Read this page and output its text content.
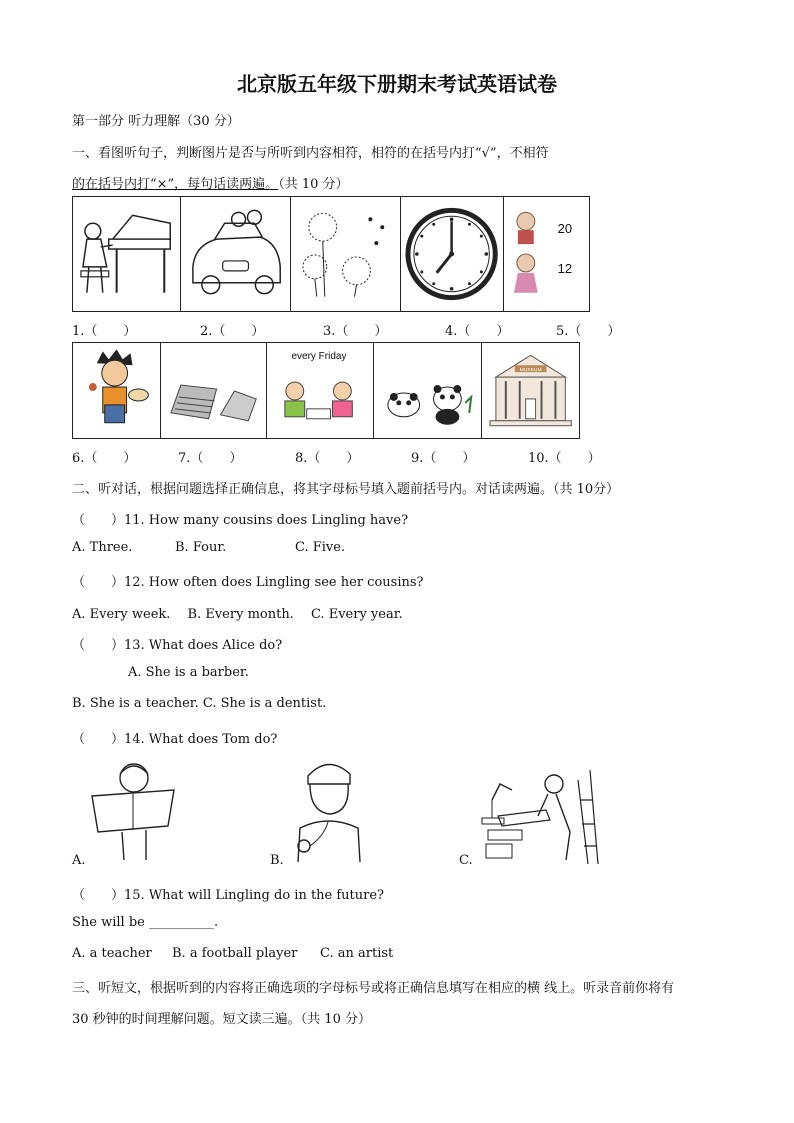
北京版五年级下册期末考试英语试卷
第一部分 听力理解（30 分）
一、看图听句子，判断图片是否与所听到内容相符，相符的在括号内打“√”，不相符
的在括号内打“×”，每句话读两遍。（共 10 分）
20
12
1.（　　）	2.（　　）	3.（　　）	4.（　　）	5.（　　）
every Friday
MUSEUM
6.（　　）	7.（　　）	8.（　　）	9.（　　）	10.（　　）
二、听对话，根据问题选择正确信息，将其字母标号填入题前括号内。对话读两遍。（共 10分）
（　　）11. How many cousins does Lingling have?
A. Three.	B. Four.	C. Five.
（　　）12. How often does Lingling see her cousins?
A. Every week.　 B. Every month.　 C. Every year.
（　　）13. What does Alice do?
A. She is a barber.
B. She is a teacher. C. She is a dentist.
（　　）14. What does Tom do?
A.	B.	C.
（　　）15. What will Lingling do in the future?
She will be __________.
A. a teacher B. a football player C. an artist
三、听短文，根据听到的内容将正确选项的字母标号或将正确信息填写在相应的横 线上。听录音前你将有
30 秒钟的时间理解问题。短文读三遍。（共 10 分）
